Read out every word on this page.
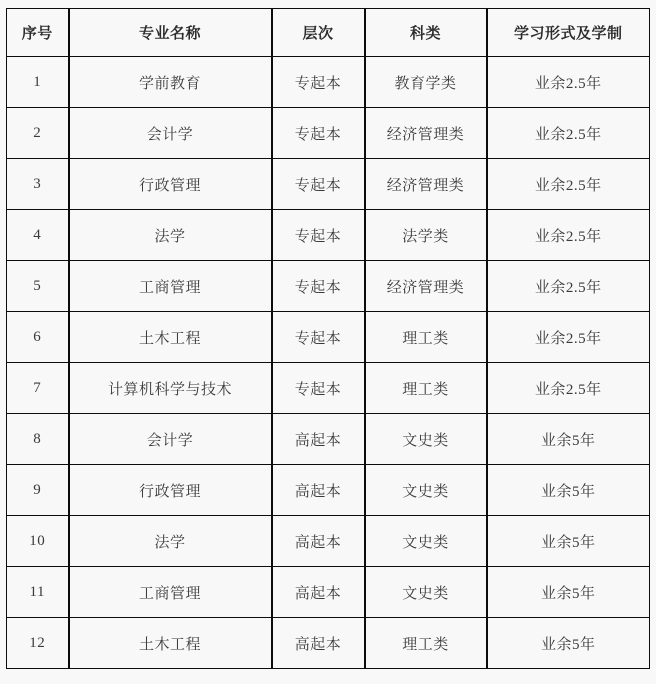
序号	专业名称	层次	科类	学习形式及学制
1	学前教育	专起本	教育学类	业余2.5年
2	会计学	专起本	经济管理类	业余2.5年
3	行政管理	专起本	经济管理类	业余2.5年
4	法学	专起本	法学类	业余2.5年
5	工商管理	专起本	经济管理类	业余2.5年
6	土木工程	专起本	理工类	业余2.5年
7	计算机科学与技术	专起本	理工类	业余2.5年
8	会计学	高起本	文史类	业余5年
9	行政管理	高起本	文史类	业余5年
10	法学	高起本	文史类	业余5年
11	工商管理	高起本	文史类	业余5年
12	土木工程	高起本	理工类	业余5年
